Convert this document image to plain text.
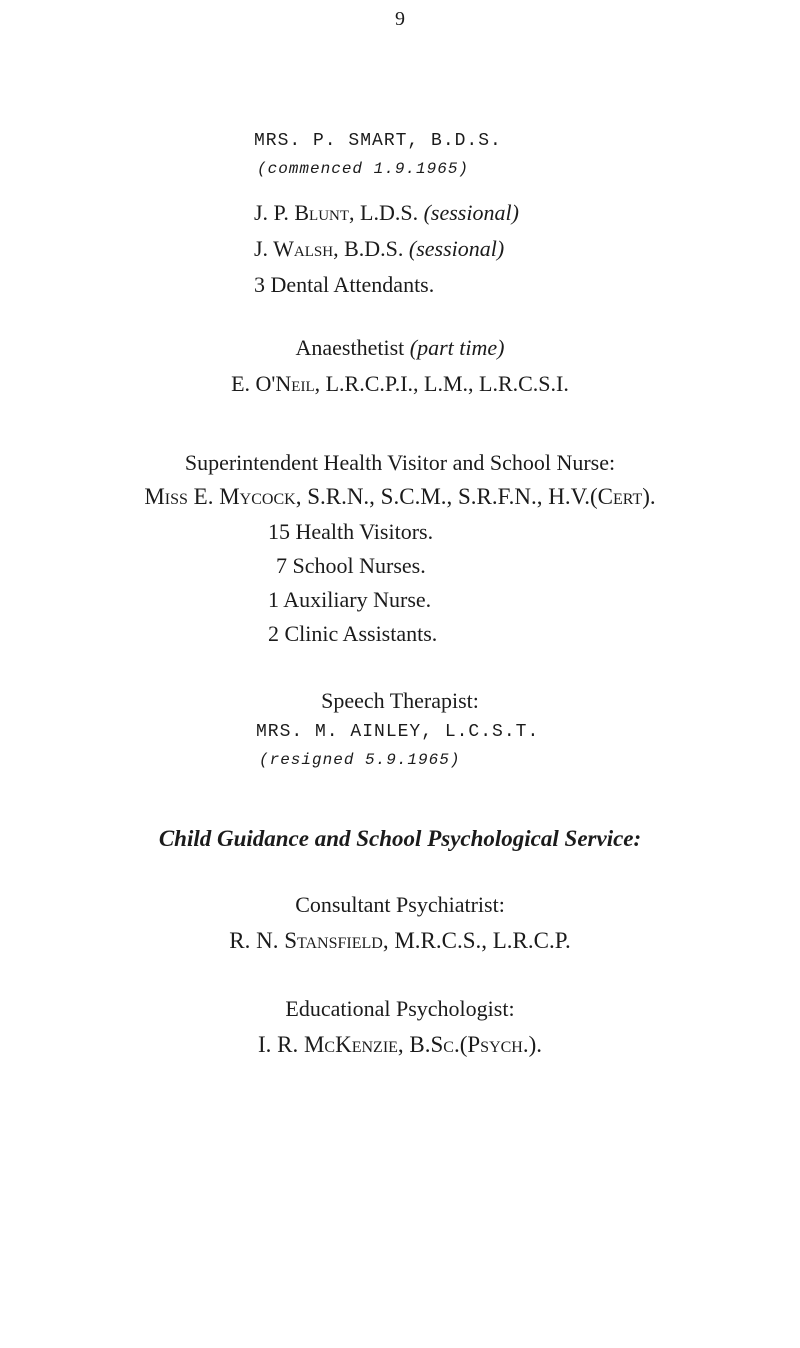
9
MRS. P. SMART, B.D.S.
(commenced 1.9.1965)
J. P. Blunt, L.D.S. (sessional)
J. Walsh, B.D.S. (sessional)
3 Dental Attendants.
Anaesthetist (part time)
E. O'Neil, L.R.C.P.I., L.M., L.R.C.S.I.
Superintendent Health Visitor and School Nurse:
Miss E. Mycock, S.R.N., S.C.M., S.R.F.N., H.V.(Cert).
15 Health Visitors.
7 School Nurses.
1 Auxiliary Nurse.
2 Clinic Assistants.
Speech Therapist:
MRS. M. AINLEY, L.C.S.T.
(resigned 5.9.1965)
Child Guidance and School Psychological Service:
Consultant Psychiatrist:
R. N. Stansfield, M.R.C.S., L.R.C.P.
Educational Psychologist:
I. R. McKenzie, B.Sc.(Psych.).
